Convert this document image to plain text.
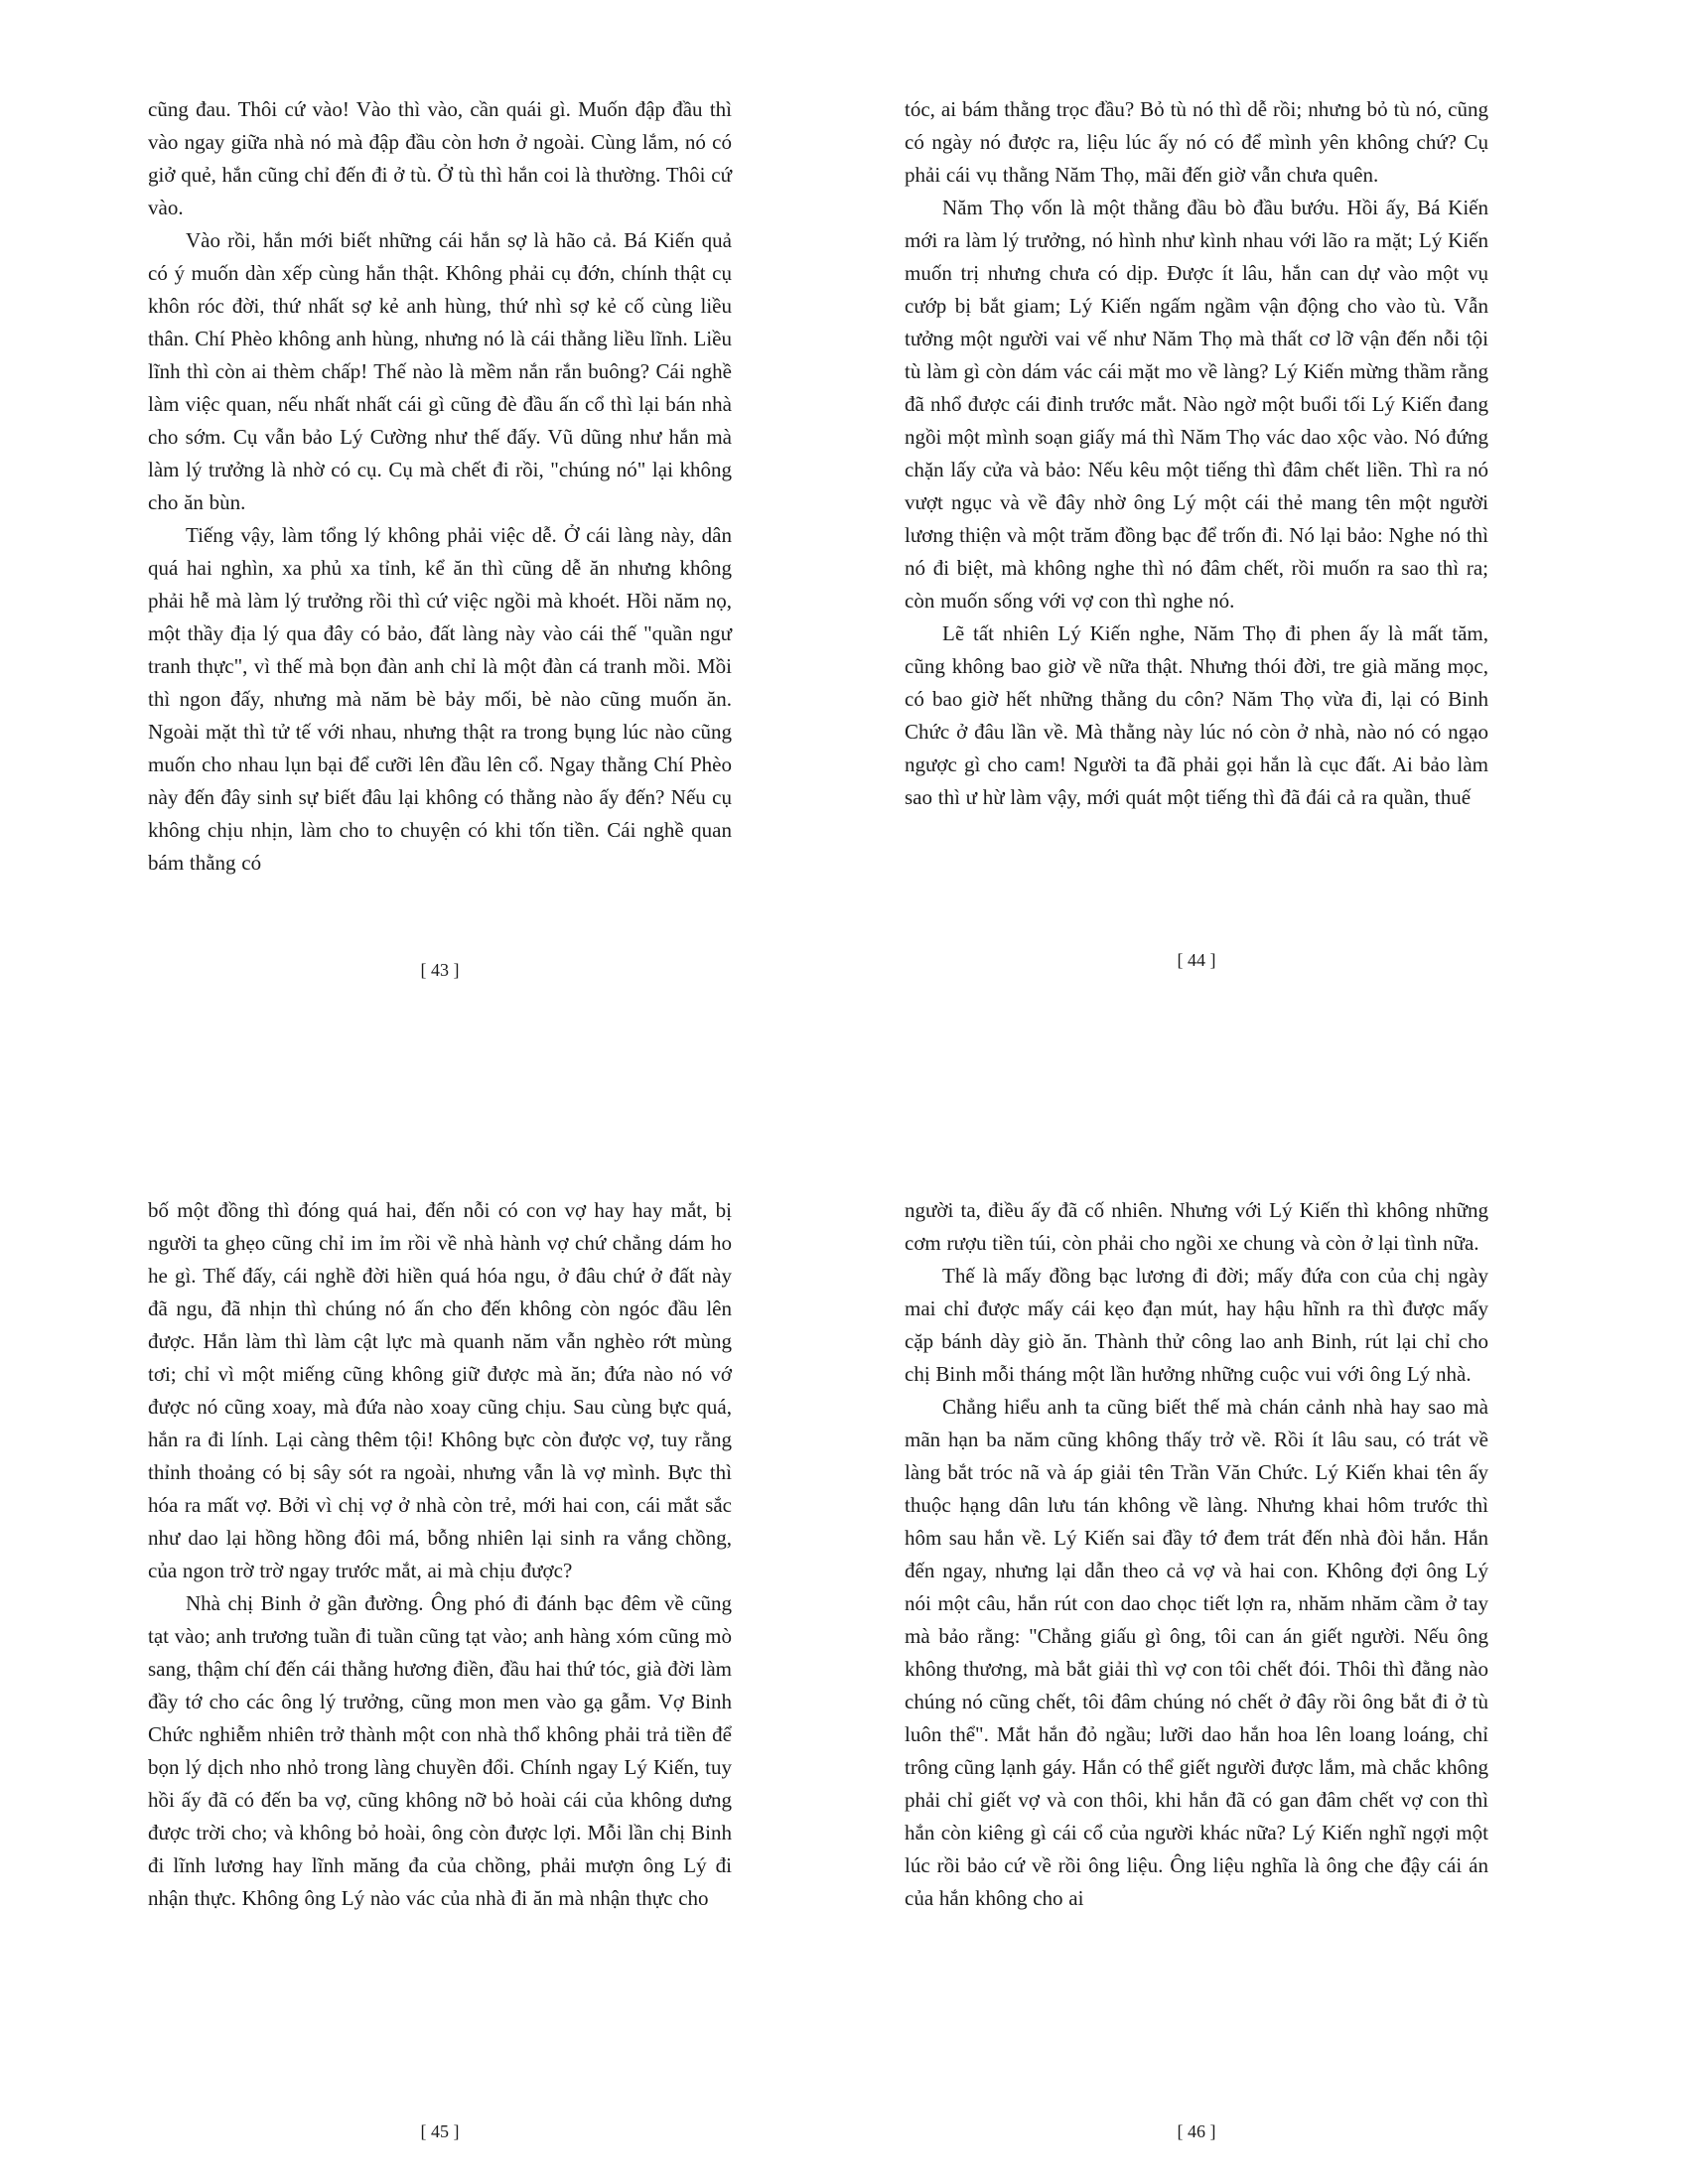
cũng đau. Thôi cứ vào! Vào thì vào, cần quái gì. Muốn đập đầu thì vào ngay giữa nhà nó mà đập đầu còn hơn ở ngoài. Cùng lắm, nó có giở quẻ, hắn cũng chỉ đến đi ở tù. Ở tù thì hắn coi là thường. Thôi cứ vào.

Vào rồi, hắn mới biết những cái hắn sợ là hão cả. Bá Kiến quả có ý muốn dàn xếp cùng hắn thật. Không phải cụ đớn, chính thật cụ khôn róc đời, thứ nhất sợ kẻ anh hùng, thứ nhì sợ kẻ cố cùng liều thân. Chí Phèo không anh hùng, nhưng nó là cái thằng liều lĩnh. Liều lĩnh thì còn ai thèm chấp! Thế nào là mềm nắn rắn buông? Cái nghề làm việc quan, nếu nhất nhất cái gì cũng đè đầu ấn cổ thì lại bán nhà cho sớm. Cụ vẫn bảo Lý Cường như thế đấy. Vũ dũng như hắn mà làm lý trưởng là nhờ có cụ. Cụ mà chết đi rồi, "chúng nó" lại không cho ăn bùn.

Tiếng vậy, làm tổng lý không phải việc dễ. Ở cái làng này, dân quá hai nghìn, xa phủ xa tỉnh, kể ăn thì cũng dễ ăn nhưng không phải hễ mà làm lý trưởng rồi thì cứ việc ngồi mà khoét. Hồi năm nọ, một thầy địa lý qua đây có bảo, đất làng này vào cái thế "quần ngư tranh thực", vì thế mà bọn đàn anh chỉ là một đàn cá tranh mồi. Mồi thì ngon đấy, nhưng mà năm bè bảy mối, bè nào cũng muốn ăn. Ngoài mặt thì tử tế với nhau, nhưng thật ra trong bụng lúc nào cũng muốn cho nhau lụn bại để cưỡi lên đầu lên cổ. Ngay thằng Chí Phèo này đến đây sinh sự biết đâu lại không có thằng nào ấy đến? Nếu cụ không chịu nhịn, làm cho to chuyện có khi tốn tiền. Cái nghề quan bám thằng có

tóc, ai bám thằng trọc đầu? Bỏ tù nó thì dễ rồi; nhưng bỏ tù nó, cũng có ngày nó được ra, liệu lúc ấy nó có để mình yên không chứ? Cụ phải cái vụ thằng Năm Thọ, mãi đến giờ vẫn chưa quên.

Năm Thọ vốn là một thằng đầu bò đầu bướu. Hồi ấy, Bá Kiến mới ra làm lý trưởng, nó hình như kình nhau với lão ra mặt; Lý Kiến muốn trị nhưng chưa có dịp. Được ít lâu, hắn can dự vào một vụ cướp bị bắt giam; Lý Kiến ngấm ngầm vận động cho vào tù. Vẫn tưởng một người vai vế như Năm Thọ mà thất cơ lỡ vận đến nỗi tội tù làm gì còn dám vác cái mặt mo về làng? Lý Kiến mừng thầm rằng đã nhổ được cái đinh trước mắt. Nào ngờ một buổi tối Lý Kiến đang ngồi một mình soạn giấy má thì Năm Thọ vác dao xộc vào. Nó đứng chặn lấy cửa và bảo: Nếu kêu một tiếng thì đâm chết liền. Thì ra nó vượt ngục và về đây nhờ ông Lý một cái thẻ mang tên một người lương thiện và một trăm đồng bạc để trốn đi. Nó lại bảo: Nghe nó thì nó đi biệt, mà không nghe thì nó đâm chết, rồi muốn ra sao thì ra; còn muốn sống với vợ con thì nghe nó.

Lẽ tất nhiên Lý Kiến nghe, Năm Thọ đi phen ấy là mất tăm, cũng không bao giờ về nữa thật. Nhưng thói đời, tre già măng mọc, có bao giờ hết những thằng du côn? Năm Thọ vừa đi, lại có Binh Chức ở đâu lần về. Mà thằng này lúc nó còn ở nhà, nào nó có ngạo ngược gì cho cam! Người ta đã phải gọi hắn là cục đất. Ai bảo làm sao thì ư hừ làm vậy, mới quát một tiếng thì đã đái cả ra quần, thuế

[ 43 ]	[ 44 ]

bố một đồng thì đóng quá hai, đến nỗi có con vợ hay hay mắt, bị người ta ghẹo cũng chỉ im ỉm rồi về nhà hành vợ chứ chẳng dám ho he gì. Thế đấy, cái nghề đời hiền quá hóa ngu, ở đâu chứ ở đất này đã ngu, đã nhịn thì chúng nó ấn cho đến không còn ngóc đầu lên được. Hắn làm thì làm cật lực mà quanh năm vẫn nghèo rớt mùng tơi; chỉ vì một miếng cũng không giữ được mà ăn; đứa nào nó vớ được nó cũng xoay, mà đứa nào xoay cũng chịu. Sau cùng bực quá, hắn ra đi lính. Lại càng thêm tội! Không bực còn được vợ, tuy rằng thỉnh thoảng có bị sây sót ra ngoài, nhưng vẫn là vợ mình. Bực thì hóa ra mất vợ. Bởi vì chị vợ ở nhà còn trẻ, mới hai con, cái mắt sắc như dao lại hồng hồng đôi má, bỗng nhiên lại sinh ra vắng chồng, của ngon trờ trờ ngay trước mắt, ai mà chịu được?

Nhà chị Binh ở gần đường. Ông phó đi đánh bạc đêm về cũng tạt vào; anh trương tuần đi tuần cũng tạt vào; anh hàng xóm cũng mò sang, thậm chí đến cái thằng hương điền, đầu hai thứ tóc, già đời làm đầy tớ cho các ông lý trưởng, cũng mon men vào gạ gẫm. Vợ Binh Chức nghiễm nhiên trở thành một con nhà thổ không phải trả tiền để bọn lý dịch nho nhỏ trong làng chuyền đổi. Chính ngay Lý Kiến, tuy hồi ấy đã có đến ba vợ, cũng không nỡ bỏ hoài cái của không dưng được trời cho; và không bỏ hoài, ông còn được lợi. Mỗi lần chị Binh đi lĩnh lương hay lĩnh măng đa của chồng, phải mượn ông Lý đi nhận thực. Không ông Lý nào vác của nhà đi ăn mà nhận thực cho

người ta, điều ấy đã cố nhiên. Nhưng với Lý Kiến thì không những cơm rượu tiền túi, còn phải cho ngồi xe chung và còn ở lại tình nữa.

Thế là mấy đồng bạc lương đi đời; mấy đứa con của chị ngày mai chỉ được mấy cái kẹo đạn mút, hay hậu hĩnh ra thì được mấy cặp bánh dày giò ăn. Thành thử công lao anh Binh, rút lại chỉ cho chị Binh mỗi tháng một lần hưởng những cuộc vui với ông Lý nhà.

Chẳng hiểu anh ta cũng biết thế mà chán cảnh nhà hay sao mà mãn hạn ba năm cũng không thấy trở về. Rồi ít lâu sau, có trát về làng bắt tróc nã và áp giải tên Trần Văn Chức. Lý Kiến khai tên ấy thuộc hạng dân lưu tán không về làng. Nhưng khai hôm trước thì hôm sau hắn về. Lý Kiến sai đầy tớ đem trát đến nhà đòi hắn. Hắn đến ngay, nhưng lại dẫn theo cả vợ và hai con. Không đợi ông Lý nói một câu, hắn rút con dao chọc tiết lợn ra, nhăm nhăm cầm ở tay mà bảo rằng: "Chẳng giấu gì ông, tôi can án giết người. Nếu ông không thương, mà bắt giải thì vợ con tôi chết đói. Thôi thì đằng nào chúng nó cũng chết, tôi đâm chúng nó chết ở đây rồi ông bắt đi ở tù luôn thể". Mắt hắn đỏ ngầu; lưỡi dao hắn hoa lên loang loáng, chỉ trông cũng lạnh gáy. Hắn có thể giết người được lắm, mà chắc không phải chỉ giết vợ và con thôi, khi hắn đã có gan đâm chết vợ con thì hắn còn kiêng gì cái cổ của người khác nữa? Lý Kiến nghĩ ngợi một lúc rồi bảo cứ về rồi ông liệu. Ông liệu nghĩa là ông che đậy cái án của hắn không cho ai

[ 45 ]	[ 46 ]
